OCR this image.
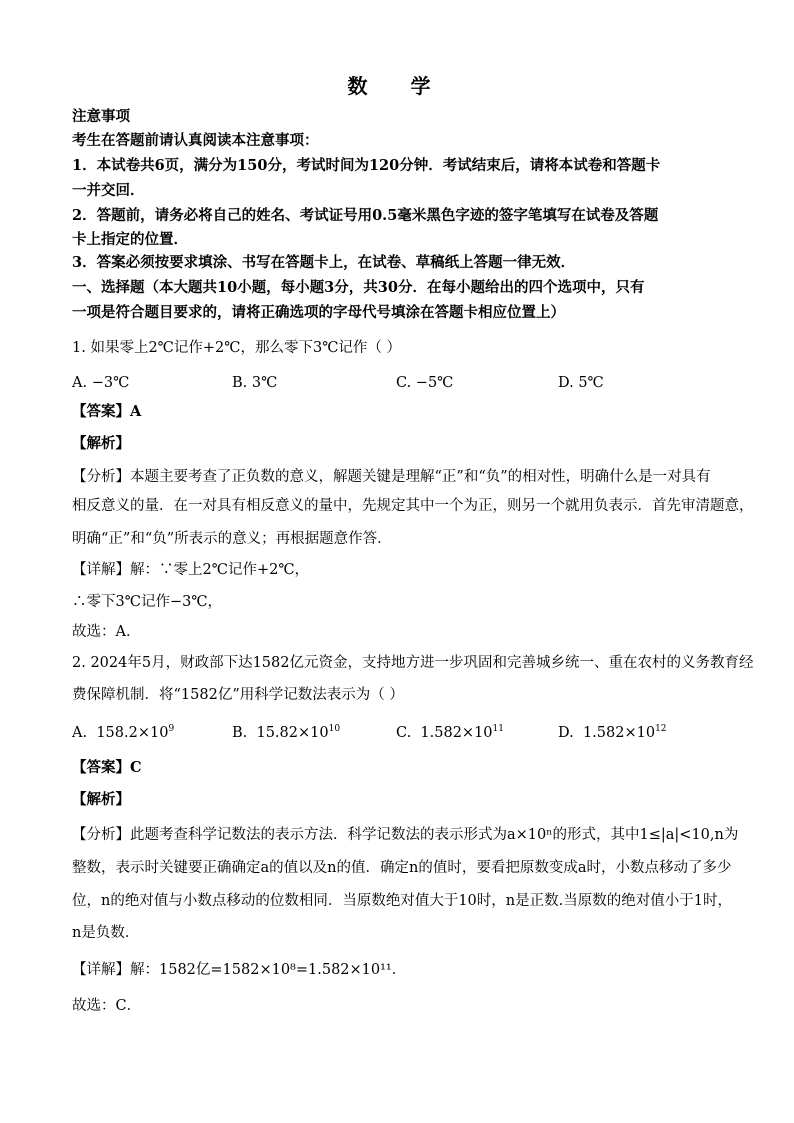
数 学
注意事项
考生在答题前请认真阅读本注意事项：
1．本试卷共6页，满分为150分，考试时间为120分钟．考试结束后，请将本试卷和答题卡
一并交回．
2．答题前，请务必将自己的姓名、考试证号用0.5毫米黑色字迹的签字笔填写在试卷及答题
卡上指定的位置．
3．答案必须按要求填涂、书写在答题卡上，在试卷、草稿纸上答题一律无效．
一、选择题（本大题共10小题，每小题3分，共30分．在每小题给出的四个选项中，只有
一项是符合题目要求的，请将正确选项的字母代号填涂在答题卡相应位置上）
1. 如果零上2℃记作+2℃，那么零下3℃记作（ ）
A. −3℃	B. 3℃	C. −5℃	D. 5℃
【答案】A
【解析】
【分析】本题主要考查了正负数的意义，解题关键是理解“正”和“负”的相对性，明确什么是一对具有
相反意义的量．在一对具有相反意义的量中，先规定其中一个为正，则另一个就用负表示．首先审清题意，
明确“正”和“负”所表示的意义；再根据题意作答．
【详解】解：∵零上2℃记作+2℃，
∴零下3℃记作−3℃，
故选：A．
2. 2024年5月，财政部下达1582亿元资金，支持地方进一步巩固和完善城乡统一、重在农村的义务教育经
费保障机制．将“1582亿”用科学记数法表示为（ ）
A. $158.2\times 10^9$	B. $15.82\times 10^{10}$	C. $1.582\times 10^{11}$	D. $1.582\times 10^{12}$
【答案】C
【解析】
【分析】此题考查科学记数法的表示方法．科学记数法的表示形式为a×10ⁿ的形式，其中1≤|a|<10,n为
整数，表示时关键要正确确定a的值以及n的值．确定n的值时，要看把原数变成a时，小数点移动了多少
位，n的绝对值与小数点移动的位数相同．当原数绝对值大于10时，n是正数.当原数的绝对值小于1时，
n是负数．
【详解】解：1582亿=1582×10⁸=1.582×10¹¹．
故选：C．
